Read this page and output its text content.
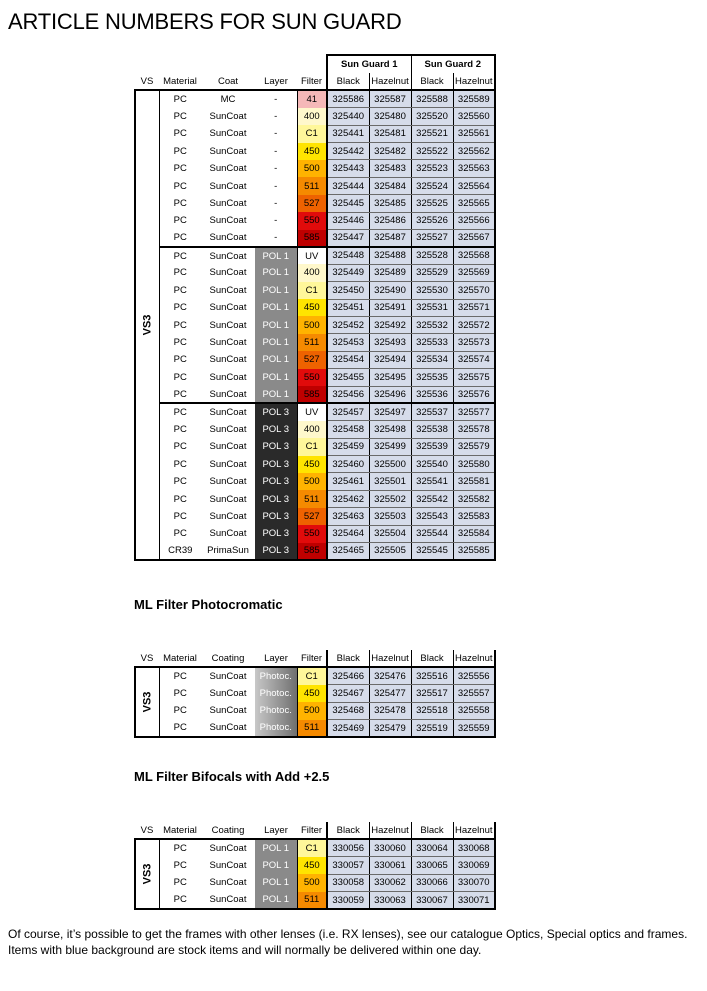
ARTICLE NUMBERS FOR SUN GUARD
					Sun Guard 1		Sun Guard 2	
VS	Material	Coat	Layer	Filter	Black	Hazelnut	Black	Hazelnut
VS3	PC	MC	-	41	325586	325587	325588	325589
	PC	SunCoat	-	400	325440	325480	325520	325560
	PC	SunCoat	-	C1	325441	325481	325521	325561
	PC	SunCoat	-	450	325442	325482	325522	325562
	PC	SunCoat	-	500	325443	325483	325523	325563
	PC	SunCoat	-	511	325444	325484	325524	325564
	PC	SunCoat	-	527	325445	325485	325525	325565
	PC	SunCoat	-	550	325446	325486	325526	325566
	PC	SunCoat	-	585	325447	325487	325527	325567
	PC	SunCoat	POL 1	UV	325448	325488	325528	325568
	PC	SunCoat	POL 1	400	325449	325489	325529	325569
	PC	SunCoat	POL 1	C1	325450	325490	325530	325570
	PC	SunCoat	POL 1	450	325451	325491	325531	325571
	PC	SunCoat	POL 1	500	325452	325492	325532	325572
	PC	SunCoat	POL 1	511	325453	325493	325533	325573
	PC	SunCoat	POL 1	527	325454	325494	325534	325574
	PC	SunCoat	POL 1	550	325455	325495	325535	325575
	PC	SunCoat	POL 1	585	325456	325496	325536	325576
	PC	SunCoat	POL 3	UV	325457	325497	325537	325577
	PC	SunCoat	POL 3	400	325458	325498	325538	325578
	PC	SunCoat	POL 3	C1	325459	325499	325539	325579
	PC	SunCoat	POL 3	450	325460	325500	325540	325580
	PC	SunCoat	POL 3	500	325461	325501	325541	325581
	PC	SunCoat	POL 3	511	325462	325502	325542	325582
	PC	SunCoat	POL 3	527	325463	325503	325543	325583
	PC	SunCoat	POL 3	550	325464	325504	325544	325584
	CR39	PrimaSun	POL 3	585	325465	325505	325545	325585
ML Filter Photocromatic
VS	Material	Coating	Layer	Filter	Black	Hazelnut	Black	Hazelnut
VS3	PC	SunCoat	Photoc.	C1	325466	325476	325516	325556
	PC	SunCoat	Photoc.	450	325467	325477	325517	325557
	PC	SunCoat	Photoc.	500	325468	325478	325518	325558
	PC	SunCoat	Photoc.	511	325469	325479	325519	325559
ML Filter Bifocals with Add +2.5
VS	Material	Coating	Layer	Filter	Black	Hazelnut	Black	Hazelnut
VS3	PC	SunCoat	POL 1	C1	330056	330060	330064	330068
	PC	SunCoat	POL 1	450	330057	330061	330065	330069
	PC	SunCoat	POL 1	500	330058	330062	330066	330070
	PC	SunCoat	POL 1	511	330059	330063	330067	330071
Of course, it’s possible to get the frames with other lenses (i.e. RX lenses), see our catalogue Optics, Special optics and frames. Items with blue background are stock items and will normally be delivered within one day.
